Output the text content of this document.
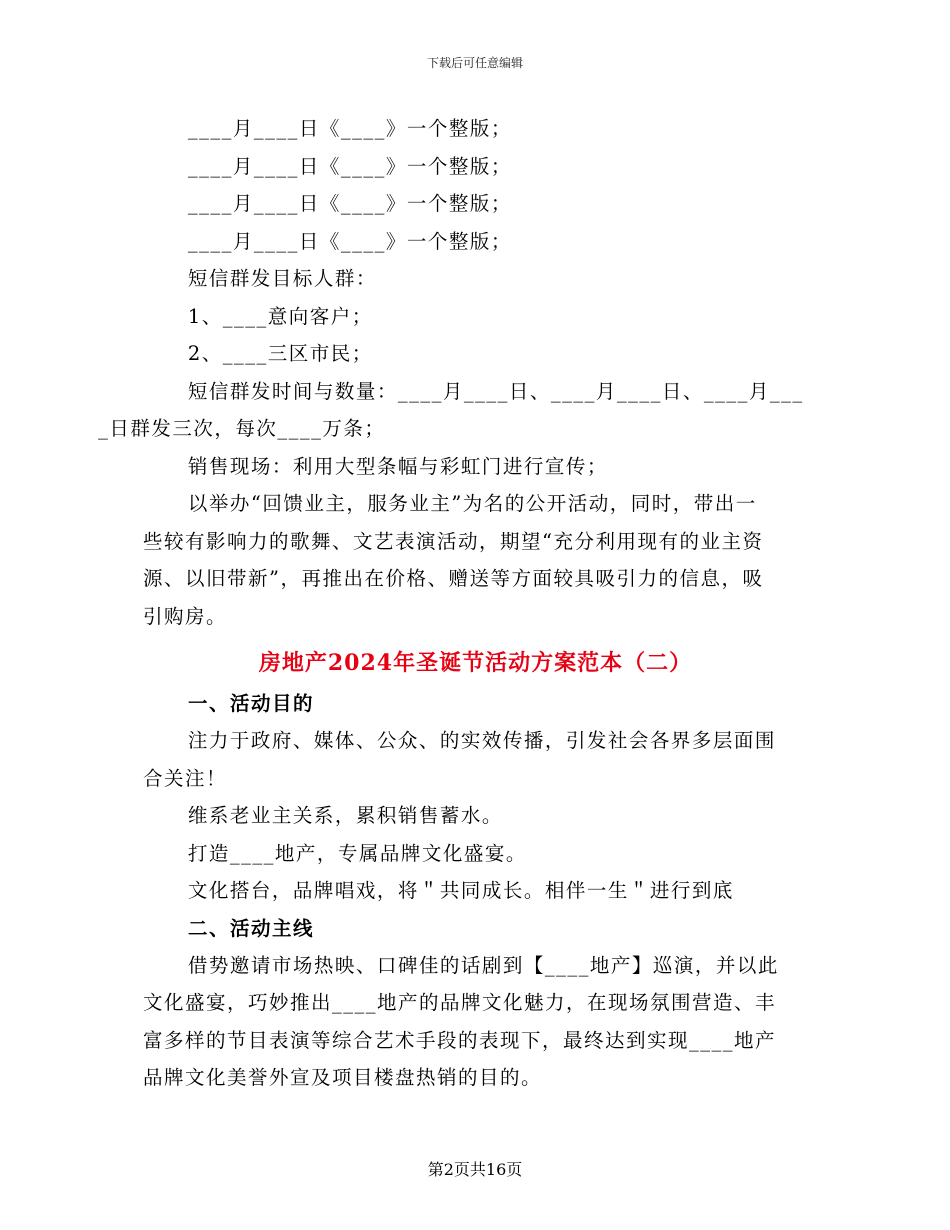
下载后可任意编辑

____月____日《____》一个整版；

____月____日《____》一个整版；

____月____日《____》一个整版；

____月____日《____》一个整版；

短信群发目标人群：

1、____意向客户；

2、____三区市民；

短信群发时间与数量：____月____日、____月____日、____月___
_日群发三次，每次____万条；

销售现场：利用大型条幅与彩虹门进行宣传；

以举办“回馈业主，服务业主”为名的公开活动，同时，带出一
些较有影响力的歌舞、文艺表演活动，期望“充分利用现有的业主资
源、以旧带新”，再推出在价格、赠送等方面较具吸引力的信息，吸
引购房。

房地产2024年圣诞节活动方案范本（二）
一、活动目的

注力于政府、媒体、公众、的实效传播，引发社会各界多层面围
合关注！

维系老业主关系，累积销售蓄水。

打造____地产，专属品牌文化盛宴。

文化搭台，品牌唱戏，将＂共同成长。相伴一生＂进行到底

二、活动主线

借势邀请市场热映、口碑佳的话剧到【____地产】巡演，并以此
文化盛宴，巧妙推出____地产的品牌文化魅力，在现场氛围营造、丰
富多样的节目表演等综合艺术手段的表现下，最终达到实现____地产
品牌文化美誉外宣及项目楼盘热销的目的。

第2页共16页
